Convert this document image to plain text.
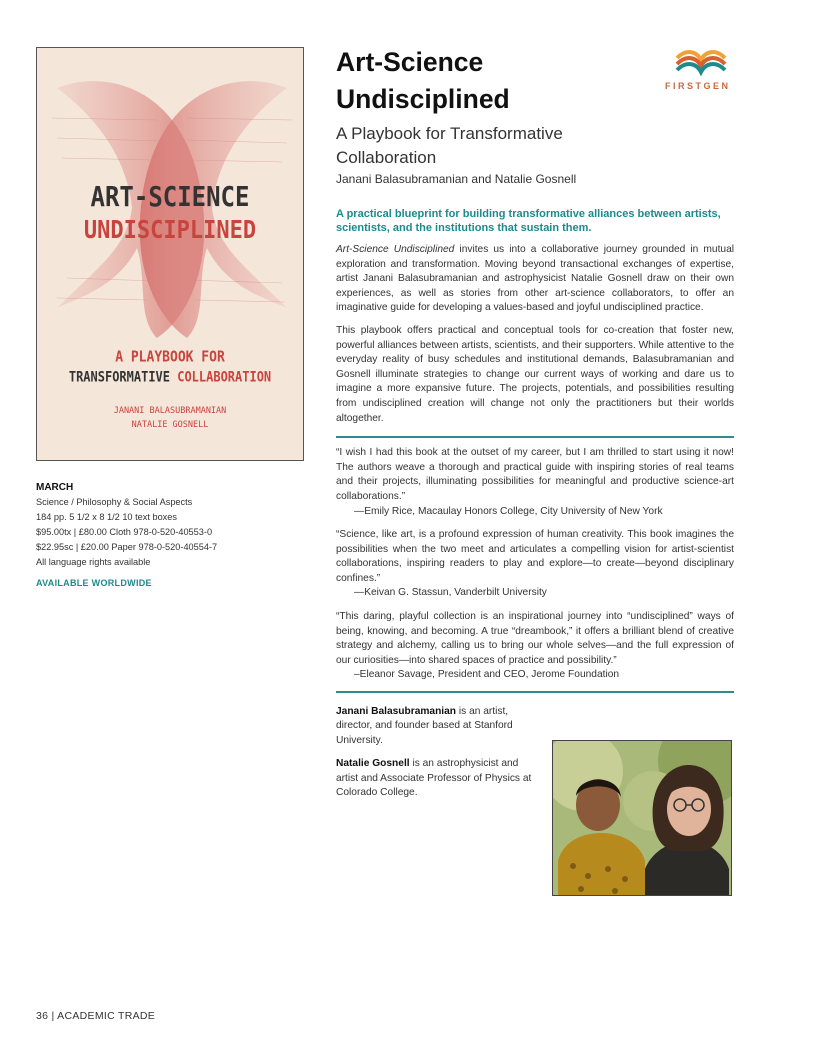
ART-SCIENCE
UNDISCIPLINED
A PLAYBOOK FOR
TRANSFORMATIVE COLLABORATION
JANANI BALASUBRAMANIAN
NATALIE GOSNELL
MARCH
Science / Philosophy & Social Aspects
184 pp. 5 1/2 x 8 1/2 10 text boxes
$95.00tx | £80.00 Cloth 978-0-520-40553-0
$22.95sc | £20.00 Paper 978-0-520-40554-7
All language rights available
AVAILABLE WORLDWIDE
FIRSTGEN
Art-Science
Undisciplined
A Playbook for Transformative Collaboration
Janani Balasubramanian and Natalie Gosnell
A practical blueprint for building transformative alliances between artists, scientists, and the institutions that sustain them.

Art-Science Undisciplined invites us into a collaborative journey grounded in mutual exploration and transformation. Moving beyond transactional exchanges of expertise, artist Janani Balasubramanian and astrophysicist Natalie Gosnell draw on their own experiences, as well as stories from other art-science collaborators, to offer an imaginative guide for developing a values-based and joyful undisciplined practice.

This playbook offers practical and conceptual tools for co-creation that foster new, powerful alliances between artists, scientists, and their supporters. While attentive to the everyday reality of busy schedules and institutional demands, Balasubramanian and Gosnell illuminate strategies to change our current ways of working and dare us to imagine a more expansive future. The projects, potentials, and possibilities resulting from undisciplined creation will change not only the practitioners but their worlds altogether.

“I wish I had this book at the outset of my career, but I am thrilled to start using it now! The authors weave a thorough and practical guide with inspiring stories of real teams and their projects, illuminating possibilities for meaningful and productive science-art collaborations.”

—Emily Rice, Macaulay Honors College, City University of New York

“Science, like art, is a profound expression of human creativity. This book imagines the possibilities when the two meet and articulates a compelling vision for artist-scientist collaborations, inspiring readers to play and explore—to create—beyond disciplinary confines.”

—Keivan G. Stassun, Vanderbilt University

“This daring, playful collection is an inspirational journey into “undisciplined” ways of being, knowing, and becoming. A true “dreambook,” it offers a brilliant blend of creative strategy and alchemy, calling us to bring our whole selves—and the full expression of our curiosities—into shared spaces of practice and possibility.”

–Eleanor Savage, President and CEO, Jerome Foundation

Janani Balasubramanian is an artist, director, and founder based at Stanford University.

Natalie Gosnell is an astrophysicist and artist and Associate Professor of Physics at Colorado College.

36 | ACADEMIC TRADE
